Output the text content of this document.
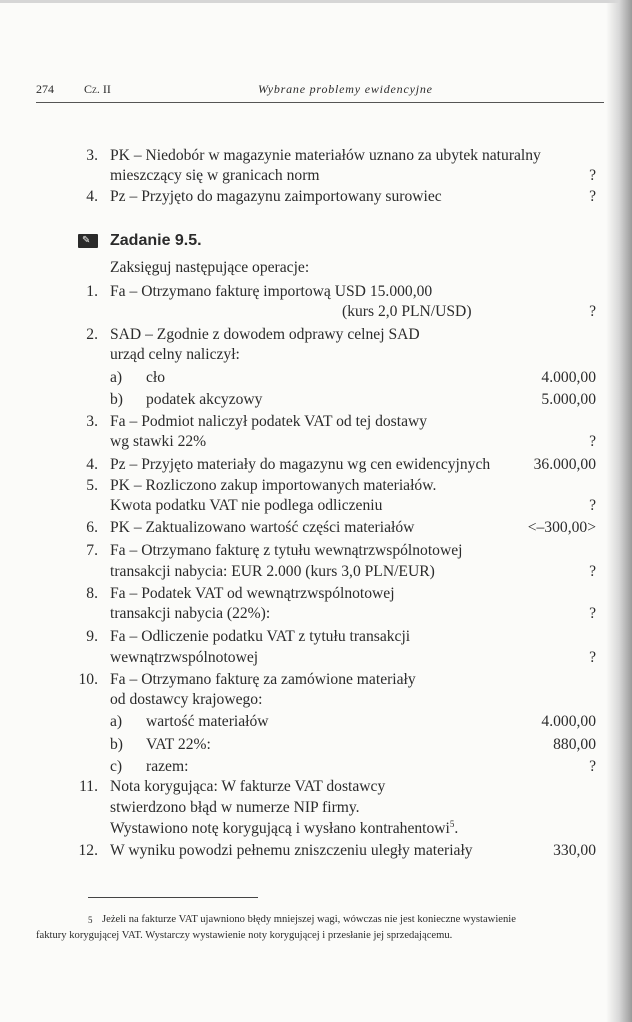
274	Cz. II	Wybrane problemy ewidencyjne
3. PK – Niedobór w magazynie materiałów uznano za ubytek naturalny
mieszczący się w granicach norm	?
4. Pz – Przyjęto do magazynu zaimportowany surowiec	?
✎ Zadanie 9.5.
Zaksięguj następujące operacje:
1. Fa – Otrzymano fakturę importową USD 15.000,00
(kurs 2,0 PLN/USD)	?
2. SAD – Zgodnie z dowodem odprawy celnej SAD
urząd celny naliczył:
a) cło	4.000,00
b) podatek akcyzowy	5.000,00
3. Fa – Podmiot naliczył podatek VAT od tej dostawy
wg stawki 22%	?
4. Pz – Przyjęto materiały do magazynu wg cen ewidencyjnych	36.000,00
5. PK – Rozliczono zakup importowanych materiałów.
Kwota podatku VAT nie podlega odliczeniu	?
6. PK – Zaktualizowano wartość części materiałów	<–300,00>
7. Fa – Otrzymano fakturę z tytułu wewnątrzwspólnotowej
transakcji nabycia: EUR 2.000 (kurs 3,0 PLN/EUR)	?
8. Fa – Podatek VAT od wewnątrzwspólnotowej
transakcji nabycia (22%):	?
9. Fa – Odliczenie podatku VAT z tytułu transakcji
wewnątrzwspólnotowej	?
10. Fa – Otrzymano fakturę za zamówione materiały
od dostawcy krajowego:
a) wartość materiałów	4.000,00
b) VAT 22%:	880,00
c) razem:	?
11. Nota korygująca: W fakturze VAT dostawcy
stwierdzono błąd w numerze NIP firmy.
Wystawiono notę korygującą i wysłano kontrahentowi$^5$.
12. W wyniku powodzi pełnemu zniszczeniu uległy materiały	330,00
5 Jeżeli na fakturze VAT ujawniono błędy mniejszej wagi, wówczas nie jest konieczne wystawienie
faktury korygującej VAT. Wystarczy wystawienie noty korygującej i przesłanie jej sprzedającemu.
